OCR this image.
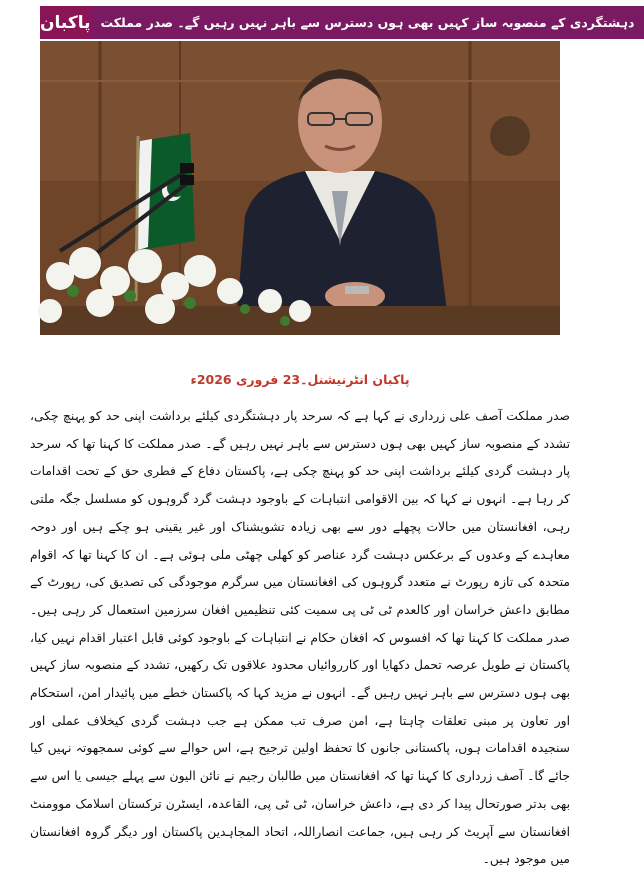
پاکبان دہشتگردی کے منصوبہ ساز کہیں بھی ہوں دسترس سے باہر نہیں رہیں گے۔ صدر مملکت
پاکبان انٹرنیشنل۔23 فروری 2026ء

صدر مملکت آصف علی زرداری نے کہا ہے کہ سرحد پار دہشتگردی کیلئے برداشت اپنی حد کو پہنچ چکی، تشدد کے منصوبہ ساز کہیں بھی ہوں دسترس سے باہر نہیں رہیں گے۔ صدر مملکت کا کہنا تھا کہ سرحد پار دہشت گردی کیلئے برداشت اپنی حد کو پہنچ چکی ہے، پاکستان دفاع کے فطری حق کے تحت اقدامات کر رہا ہے۔ انہوں نے کہا کہ بین الاقوامی انتباہات کے باوجود دہشت گرد گروہوں کو مسلسل جگہ ملتی رہی، افغانستان میں حالات پچھلے دور سے بھی زیادہ تشویشناک اور غیر یقینی ہو چکے ہیں اور دوحہ معاہدے کے وعدوں کے برعکس دہشت گرد عناصر کو کھلی چھٹی ملی ہوئی ہے۔ ان کا کہنا تھا کہ اقوام متحدہ کی تازہ رپورٹ نے متعدد گروہوں کی افغانستان میں سرگرم موجودگی کی تصدیق کی، رپورٹ کے مطابق داعش خراسان اور کالعدم ٹی ٹی پی سمیت کئی تنظیمیں افغان سرزمین استعمال کر رہی ہیں۔ صدر مملکت کا کہنا تھا کہ افسوس کہ افغان حکام نے انتباہات کے باوجود کوئی قابل اعتبار اقدام نہیں کیا، پاکستان نے طویل عرصہ تحمل دکھایا اور کارروائیاں محدود علاقوں تک رکھیں، تشدد کے منصوبہ ساز کہیں بھی ہوں دسترس سے باہر نہیں رہیں گے۔ انہوں نے مزید کہا کہ پاکستان خطے میں پائیدار امن، استحکام اور تعاون پر مبنی تعلقات چاہتا ہے، امن صرف تب ممکن ہے جب دہشت گردی کیخلاف عملی اور سنجیدہ اقدامات ہوں، پاکستانی جانوں کا تحفظ اولین ترجیح ہے، اس حوالے سے کوئی سمجھوتہ نہیں کیا جائے گا۔ آصف زرداری کا کہنا تھا کہ افغانستان میں طالبان رجیم نے نائن الیون سے پہلے جیسی یا اس سے بھی بدتر صورتحال پیدا کر دی ہے، داعش خراسان، ٹی ٹی پی، القاعدہ، ایسٹرن ترکستان اسلامک موومنٹ افغانستان سے آپریٹ کر رہی ہیں، جماعت انصاراللہ، اتحاد المجاہدین پاکستان اور دیگر گروہ افغانستان میں موجود ہیں۔
